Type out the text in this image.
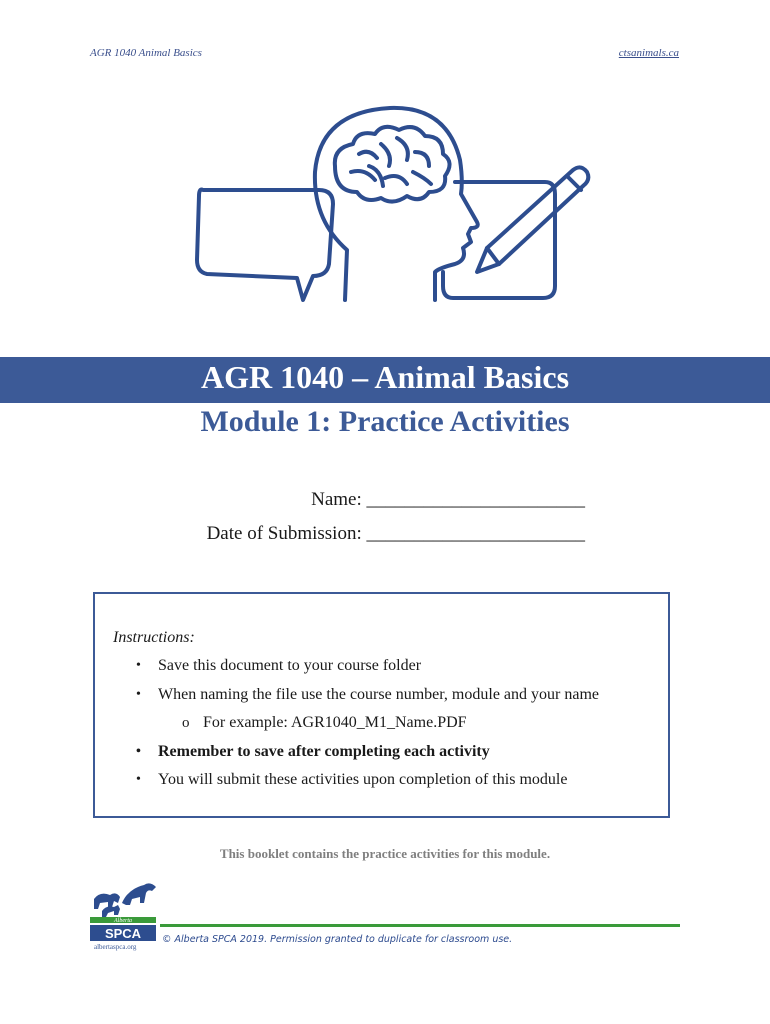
AGR 1040 Animal Basics	ctsanimals.ca
AGR 1040 – Animal Basics
Module 1: Practice Activities
Name: _______________________
Date of Submission: _______________________
Instructions:
• Save this document to your course folder
• When naming the file use the course number, module and your name
o For example: AGR1040_M1_Name.PDF
• Remember to save after completing each activity
• You will submit these activities upon completion of this module
This booklet contains the practice activities for this module.
Alberta
SPCA
albertaspca.org
© Alberta SPCA 2019. Permission granted to duplicate for classroom use.
